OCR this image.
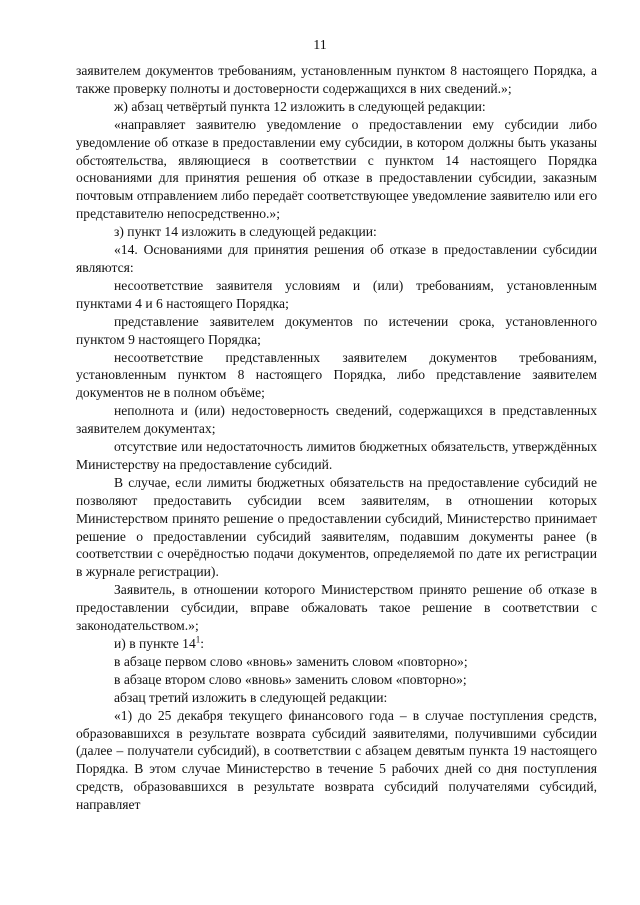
11

заявителем документов требованиям, установленным пунктом 8 настоящего Порядка, а также проверку полноты и достоверности содержащихся в них сведений.»;

ж) абзац четвёртый пункта 12 изложить в следующей редакции:

«направляет заявителю уведомление о предоставлении ему субсидии либо уведомление об отказе в предоставлении ему субсидии, в котором должны быть указаны обстоятельства, являющиеся в соответствии с пунктом 14 настоящего Порядка основаниями для принятия решения об отказе в предоставлении субсидии, заказным почтовым отправлением либо передаёт соответствующее уведомление заявителю или его представителю непосредственно.»;

з) пункт 14 изложить в следующей редакции:

«14. Основаниями для принятия решения об отказе в предоставлении субсидии являются:

несоответствие заявителя условиям и (или) требованиям, установленным пунктами 4 и 6 настоящего Порядка;

представление заявителем документов по истечении срока, установленного пунктом 9 настоящего Порядка;

несоответствие представленных заявителем документов требованиям, установленным пунктом 8 настоящего Порядка, либо представление заявителем документов не в полном объёме;

неполнота и (или) недостоверность сведений, содержащихся в представленных заявителем документах;

отсутствие или недостаточность лимитов бюджетных обязательств, утверждённых Министерству на предоставление субсидий.

В случае, если лимиты бюджетных обязательств на предоставление субсидий не позволяют предоставить субсидии всем заявителям, в отношении которых Министерством принято решение о предоставлении субсидий, Министерство принимает решение о предоставлении субсидий заявителям, подавшим документы ранее (в соответствии с очерёдностью подачи документов, определяемой по дате их регистрации в журнале регистрации).

Заявитель, в отношении которого Министерством принято решение об отказе в предоставлении субсидии, вправе обжаловать такое решение в соответствии с законодательством.»;

и) в пункте $14^1$:

в абзаце первом слово «вновь» заменить словом «повторно»;

в абзаце втором слово «вновь» заменить словом «повторно»;

абзац третий изложить в следующей редакции:

«1) до 25 декабря текущего финансового года – в случае поступления средств, образовавшихся в результате возврата субсидий заявителями, получившими субсидии (далее – получатели субсидий), в соответствии с абзацем девятым пункта 19 настоящего Порядка. В этом случае Министерство в течение 5 рабочих дней со дня поступления средств, образовавшихся в результате возврата субсидий получателями субсидий, направляет
